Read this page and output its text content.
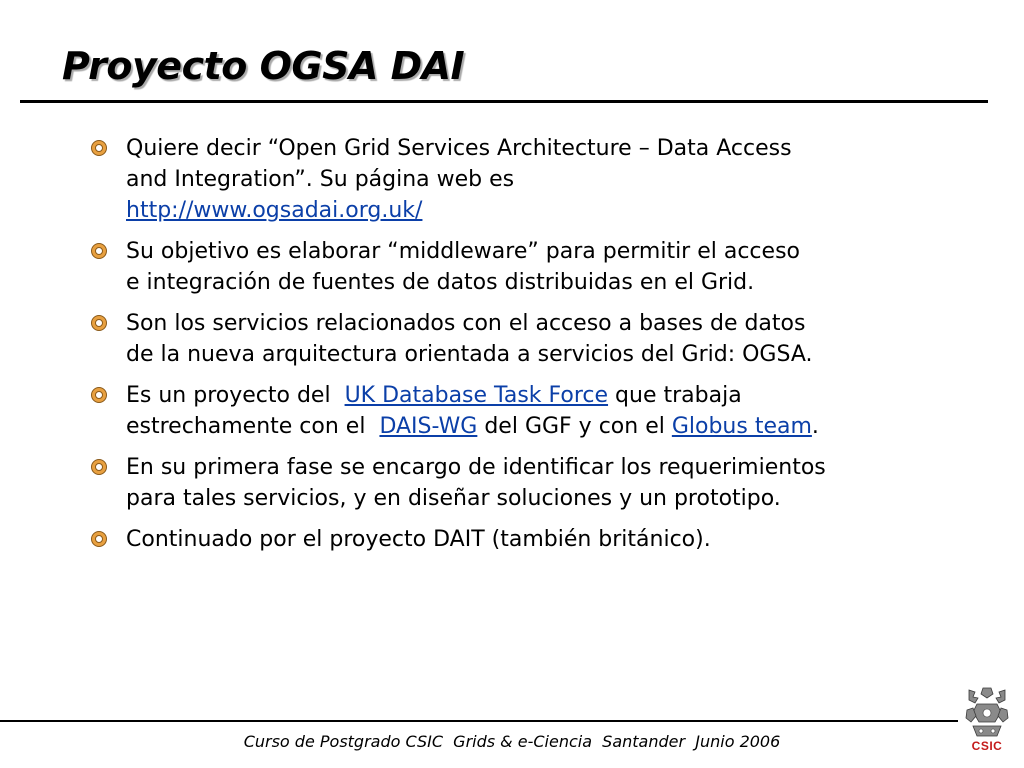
Proyecto OGSA DAI
Quiere decir “Open Grid Services Architecture – Data Access
and Integration”. Su página web es
http://www.ogsadai.org.uk/
Su objetivo es elaborar “middleware” para permitir el acceso
e integración de fuentes de datos distribuidas en el Grid.
Son los servicios relacionados con el acceso a bases de datos
de la nueva arquitectura orientada a servicios del Grid: OGSA.
Es un proyecto del  UK Database Task Force que trabaja
estrechamente con el  DAIS-WG del GGF y con el Globus team.
En su primera fase se encargo de identificar los requerimientos
para tales servicios, y en diseñar soluciones y un prototipo.
Continuado por el proyecto DAIT (también británico).
Curso de Postgrado CSIC  Grids & e-Ciencia  Santander  Junio 2006	CSIC
